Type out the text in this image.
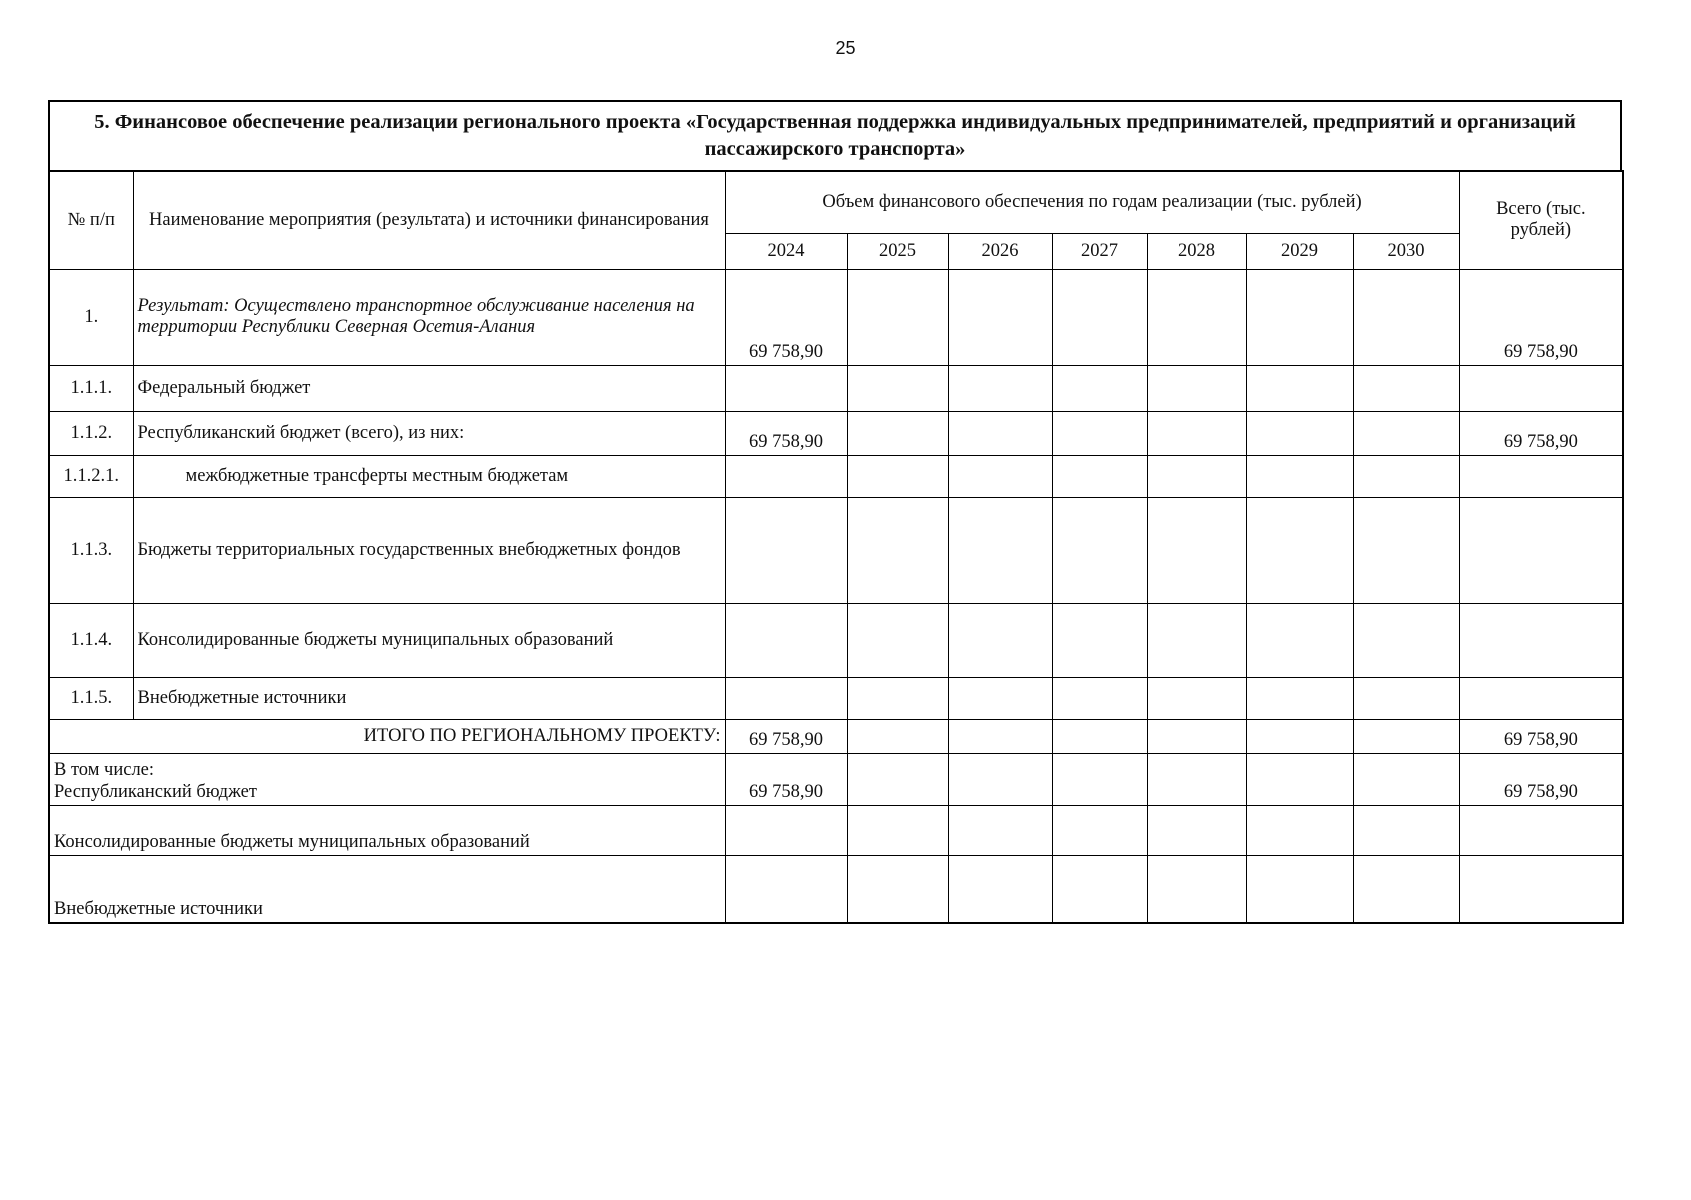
25
5. Финансовое обеспечение реализации регионального проекта «Государственная поддержка индивидуальных предпринимателей, предприятий и организаций пассажирского транспорта»
№ п/п	Наименование мероприятия (результата) и источники финансирования	Объем финансового обеспечения по годам реализации (тыс. рублей)							Всего (тыс. рублей)
		2024	2025	2026	2027	2028	2029	2030	
1.	Результат: Осуществлено транспортное обслуживание населения на территории Республики Северная Осетия-Алания	69 758,90							69 758,90
1.1.1.	Федеральный бюджет								
1.1.2.	Республиканский бюджет (всего), из них:	69 758,90							69 758,90
1.1.2.1.	межбюджетные трансферты местным бюджетам								
1.1.3.	Бюджеты территориальных государственных внебюджетных фондов								
1.1.4.	Консолидированные бюджеты муниципальных образований								
1.1.5.	Внебюджетные источники								
ИТОГО ПО РЕГИОНАЛЬНОМУ ПРОЕКТУ:		69 758,90							69 758,90

В том числе:
Республиканский бюджет		69 758,90							69 758,90
Консолидированные бюджеты муниципальных образований									
Внебюджетные источники									
